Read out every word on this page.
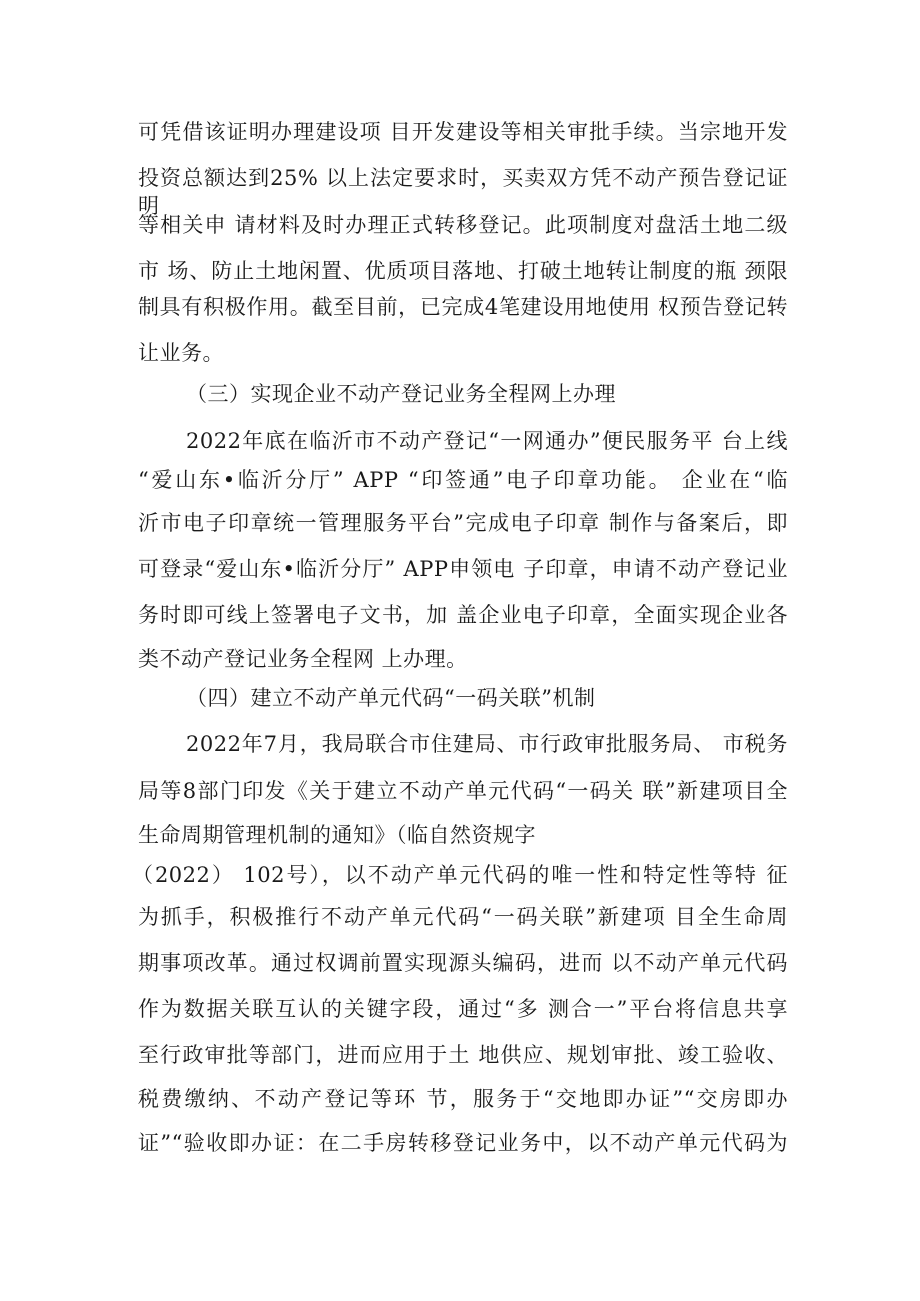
可凭借该证明办理建设项 目开发建设等相关审批手续。当宗地开发
投资总额达到25% 以上法定要求时，买卖双方凭不动产预告登记证明
等相关申 请材料及时办理正式转移登记。此项制度对盘活土地二级
市 场、防止土地闲置、优质项目落地、打破土地转让制度的瓶 颈限
制具有积极作用。截至目前，已完成4笔建设用地使用 权预告登记转
让业务。
（三）实现企业不动产登记业务全程网上办理
2022年底在临沂市不动产登记“一网通办”便民服务平 台上线
“爱山东•临沂分厅” APP “印签通”电子印章功能。 企业在“临
沂市电子印章统一管理服务平台”完成电子印章 制作与备案后，即
可登录“爱山东•临沂分厅” APP申领电 子印章，申请不动产登记业
务时即可线上签署电子文书，加 盖企业电子印章，全面实现企业各
类不动产登记业务全程网 上办理。
（四）建立不动产单元代码“一码关联”机制
2022年7月，我局联合市住建局、市行政审批服务局、 市税务
局等8部门印发《关于建立不动产单元代码“一码关 联”新建项目全
生命周期管理机制的通知》（临自然资规字
（2022） 102号），以不动产单元代码的唯一性和特定性等特 征
为抓手，积极推行不动产单元代码“一码关联”新建项 目全生命周
期事项改革。通过权调前置实现源头编码，进而 以不动产单元代码
作为数据关联互认的关键字段，通过“多 测合一”平台将信息共享
至行政审批等部门，进而应用于土 地供应、规划审批、竣工验收、
税费缴纳、不动产登记等环 节，服务于“交地即办证”“交房即办
证”“验收即办证：在二手房转移登记业务中，以不动产单元代码为
